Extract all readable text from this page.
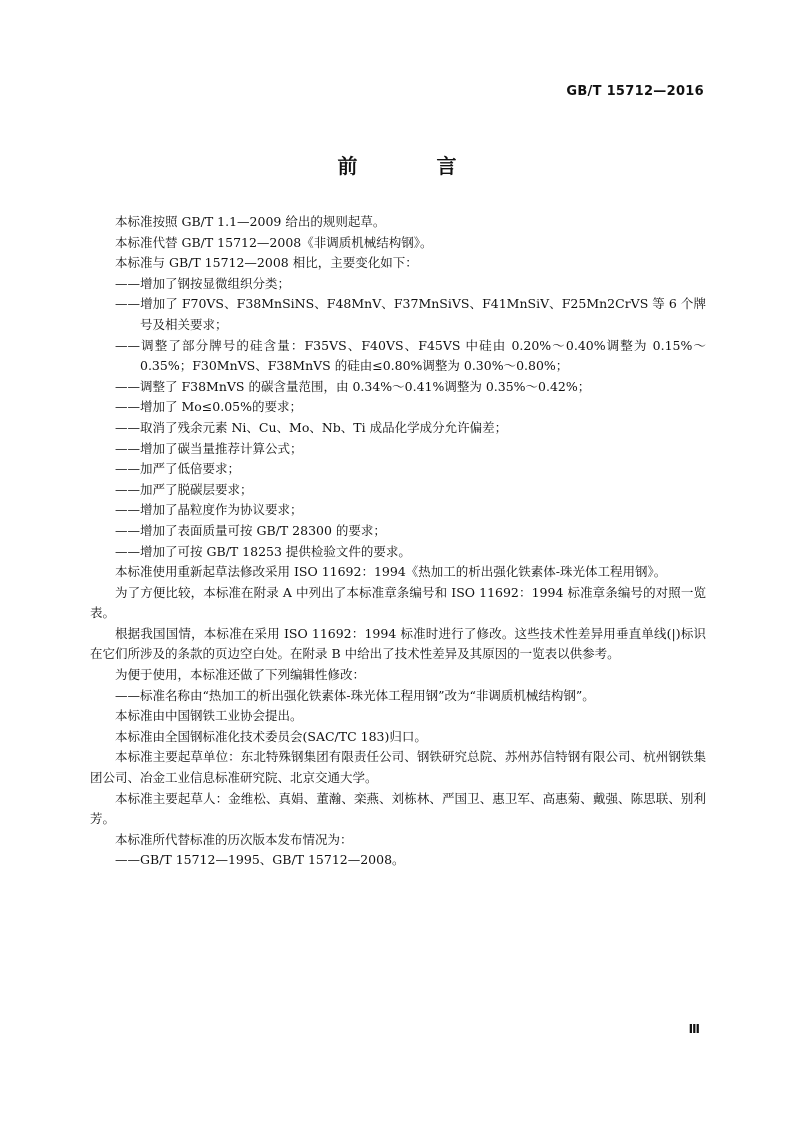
GB/T 15712—2016
前 言

本标准按照 GB/T 1.1—2009 给出的规则起草。

本标准代替 GB/T 15712—2008《非调质机械结构钢》。

本标准与 GB/T 15712—2008 相比，主要变化如下：

——增加了钢按显微组织分类；

——增加了 F70VS、F38MnSiNS、F48MnV、F37MnSiVS、F41MnSiV、F25Mn2CrVS 等 6 个牌号及相关要求；

——调整了部分牌号的硅含量：F35VS、F40VS、F45VS 中硅由 0.20%～0.40%调整为 0.15%～0.35%；F30MnVS、F38MnVS 的硅由≤0.80%调整为 0.30%～0.80%；

——调整了 F38MnVS 的碳含量范围，由 0.34%～0.41%调整为 0.35%～0.42%；

——增加了 Mo≤0.05%的要求；

——取消了残余元素 Ni、Cu、Mo、Nb、Ti 成品化学成分允许偏差；

——增加了碳当量推荐计算公式；

——加严了低倍要求；

——加严了脱碳层要求；

——增加了晶粒度作为协议要求；

——增加了表面质量可按 GB/T 28300 的要求；

——增加了可按 GB/T 18253 提供检验文件的要求。

本标准使用重新起草法修改采用 ISO 11692：1994《热加工的析出强化铁素体-珠光体工程用钢》。

为了方便比较，本标准在附录 A 中列出了本标准章条编号和 ISO 11692：1994 标准章条编号的对照一览表。

根据我国国情，本标准在采用 ISO 11692：1994 标准时进行了修改。这些技术性差异用垂直单线(|)标识在它们所涉及的条款的页边空白处。在附录 B 中给出了技术性差异及其原因的一览表以供参考。

为便于使用，本标准还做了下列编辑性修改：

——标准名称由“热加工的析出强化铁素体-珠光体工程用钢”改为“非调质机械结构钢”。

本标准由中国钢铁工业协会提出。

本标准由全国钢标准化技术委员会(SAC/TC 183)归口。

本标准主要起草单位：东北特殊钢集团有限责任公司、钢铁研究总院、苏州苏信特钢有限公司、杭州钢铁集团公司、冶金工业信息标准研究院、北京交通大学。

本标准主要起草人：金维松、真娟、董瀚、栾燕、刘栋林、严国卫、惠卫军、高惠菊、戴强、陈思联、别利芳。

本标准所代替标准的历次版本发布情况为：

——GB/T 15712—1995、GB/T 15712—2008。

Ⅲ
